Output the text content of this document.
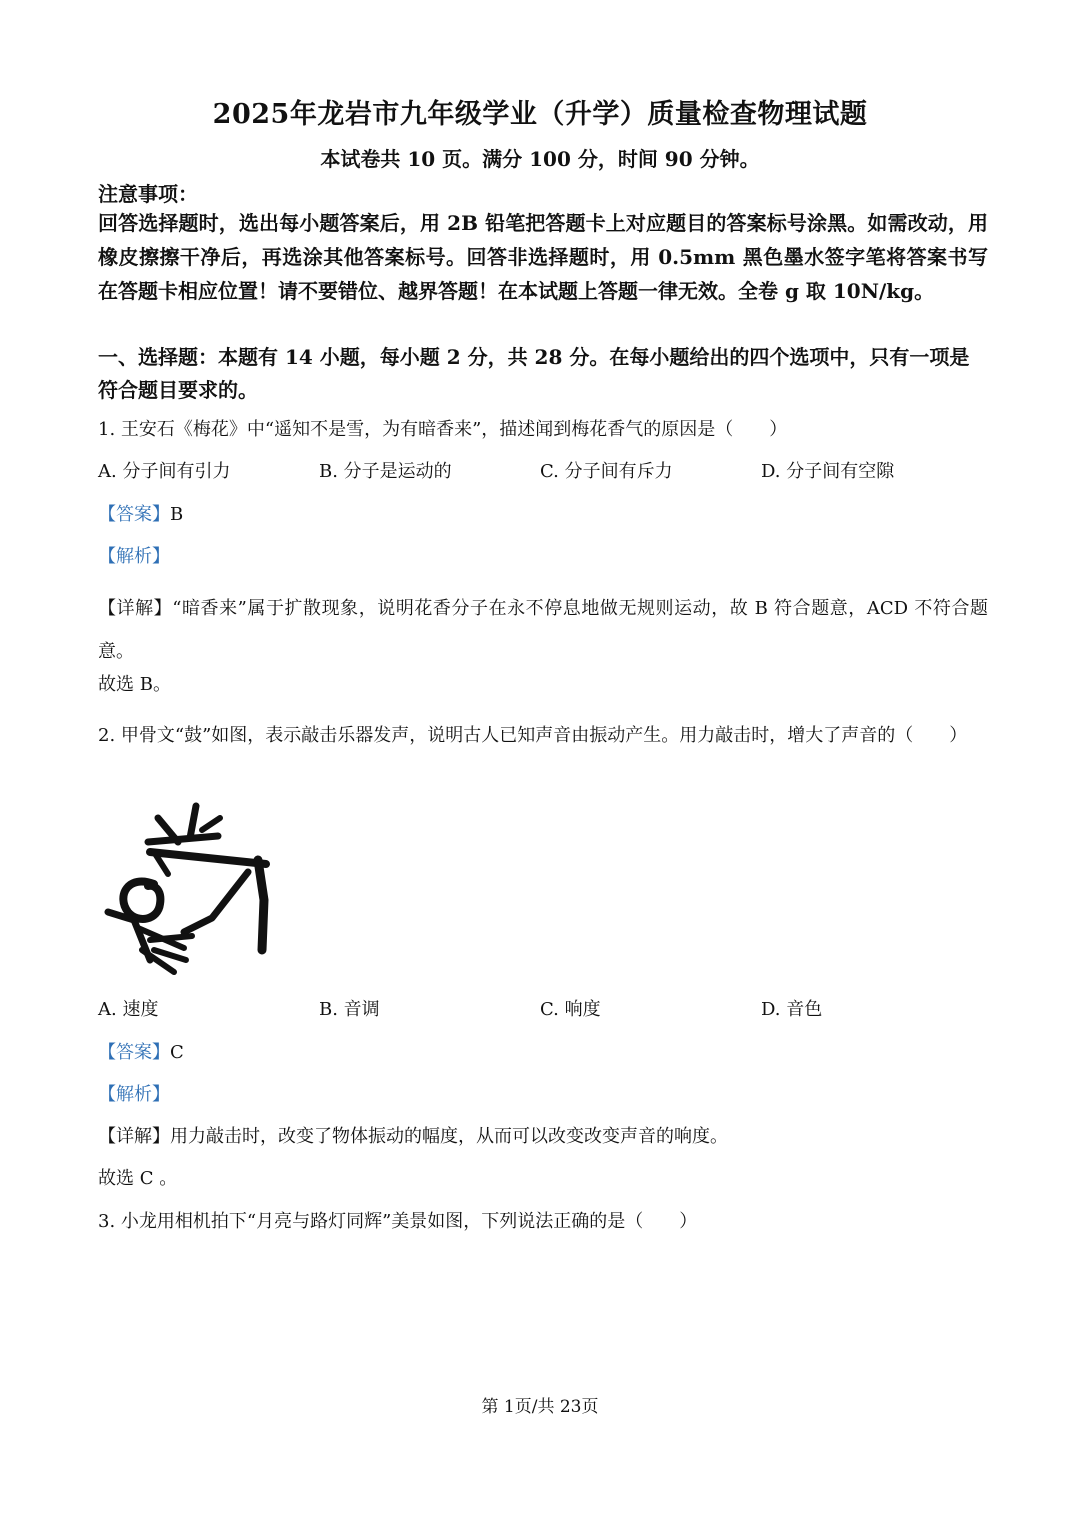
2025年龙岩市九年级学业（升学）质量检查物理试题
本试卷共 10 页。满分 100 分，时间 90 分钟。
注意事项：
回答选择题时，选出每小题答案后，用 2B 铅笔把答题卡上对应题目的答案标号涂黑。如需改动，用橡皮擦擦干净后，再选涂其他答案标号。回答非选择题时，用 0.5mm 黑色墨水签字笔将答案书写在答题卡相应位置！请不要错位、越界答题！在本试题上答题一律无效。全卷 g 取 10N/kg。
一、选择题：本题有 14 小题，每小题 2 分，共 28 分。在每小题给出的四个选项中，只有一项是符合题目要求的。
1. 王安石《梅花》中“遥知不是雪，为有暗香来”，描述闻到梅花香气的原因是（　　）
A. 分子间有引力	B. 分子是运动的	C. 分子间有斥力	D. 分子间有空隙
【答案】B
【解析】
【详解】“暗香来”属于扩散现象，说明花香分子在永不停息地做无规则运动，故 B 符合题意，ACD 不符合题意。
故选 B。
2. 甲骨文“鼓”如图，表示敲击乐器发声，说明古人已知声音由振动产生。用力敲击时，增大了声音的（　　）
A. 速度	B. 音调	C. 响度	D. 音色
【答案】C
【解析】
【详解】用力敲击时，改变了物体振动的幅度，从而可以改变改变声音的响度。
故选 C 。
3. 小龙用相机拍下“月亮与路灯同辉”美景如图，下列说法正确的是（　　）
第 1页/共 23页
